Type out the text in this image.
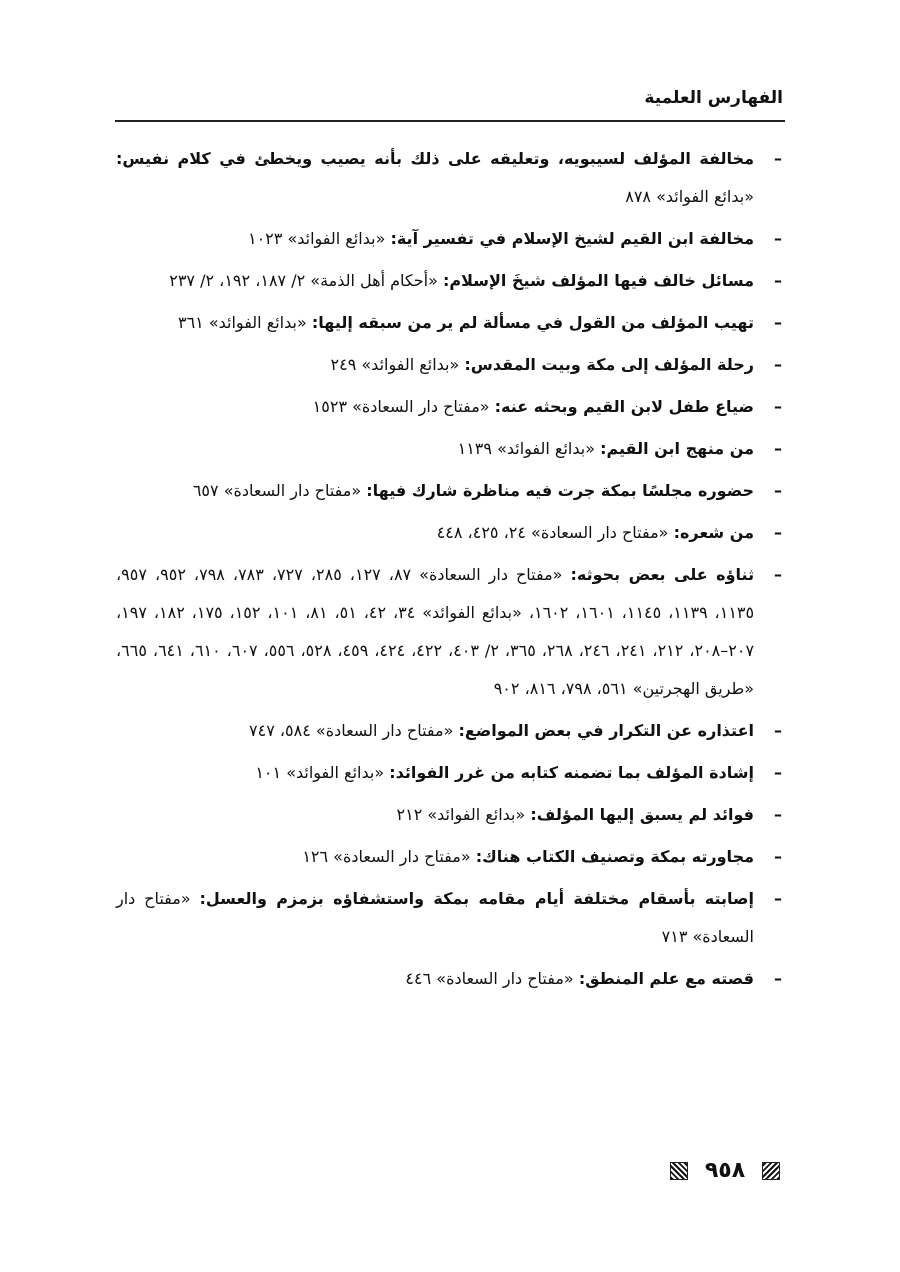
الفهارس العلمية
– مخالفة المؤلف لسيبويه، وتعليقه على ذلك بأنه يصيب ويخطئ في كلام نفيس: «بدائع الفوائد» ٨٧٨
– مخالفة ابن القيم لشيخ الإسلام في تفسير آية: «بدائع الفوائد» ١٠٢٣
– مسائل خالف فيها المؤلف شيخَ الإسلام: «أحكام أهل الذمة» ٢/ ١٨٧، ١٩٢، ٢/ ٢٣٧
– تهيب المؤلف من القول في مسألة لم ير من سبقه إليها: «بدائع الفوائد» ٣٦١
– رحلة المؤلف إلى مكة وبيت المقدس: «بدائع الفوائد» ٢٤٩
– ضياع طفل لابن القيم وبحثه عنه: «مفتاح دار السعادة» ١٥٢٣
– من منهج ابن القيم: «بدائع الفوائد» ١١٣٩
– حضوره مجلسًا بمكة جرت فيه مناظرة شارك فيها: «مفتاح دار السعادة» ٦٥٧
– من شعره: «مفتاح دار السعادة» ٢٤، ٤٢٥، ٤٤٨
– ثناؤه على بعض بحوثه: «مفتاح دار السعادة» ٨٧، ١٢٧، ٢٨٥، ٧٢٧، ٧٨٣، ٧٩٨، ٩٥٢، ٩٥٧، ١١٣٥، ١١٣٩، ١١٤٥، ١٦٠١، ١٦٠٢، «بدائع الفوائد» ٣٤، ٤٢، ٥١، ٨١، ١٠١، ١٥٢، ١٧٥، ١٨٢، ١٩٧، ٢٠٧–٢٠٨، ٢١٢، ٢٤١، ٢٤٦، ٢٦٨، ٣٦٥، ٢/ ٤٠٣، ٤٢٢، ٤٢٤، ٤٥٩، ٥٢٨، ٥٥٦، ٦٠٧، ٦١٠، ٦٤١، ٦٦٥، «طريق الهجرتين» ٥٦١، ٧٩٨، ٨١٦، ٩٠٢
– اعتذاره عن التكرار في بعض المواضع: «مفتاح دار السعادة» ٥٨٤، ٧٤٧
– إشادة المؤلف بما تضمنه كتابه من غرر الفوائد: «بدائع الفوائد» ١٠١
– فوائد لم يسبق إليها المؤلف: «بدائع الفوائد» ٢١٢
– مجاورته بمكة وتصنيف الكتاب هناك: «مفتاح دار السعادة» ١٢٦
– إصابته بأسقام مختلفة أيام مقامه بمكة واستشفاؤه بزمزم والعسل: «مفتاح دار السعادة» ٧١٣
– قصته مع علم المنطق: «مفتاح دار السعادة» ٤٤٦
٩٥٨
